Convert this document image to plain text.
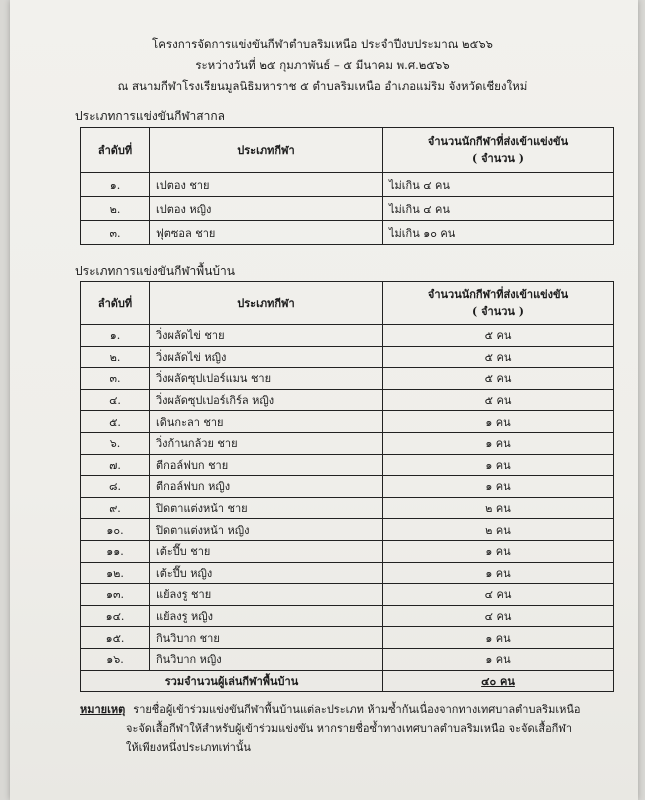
โครงการจัดการแข่งขันกีฬาตำบลริมเหนือ ประจำปีงบประมาณ ๒๕๖๖
ระหว่างวันที่ ๒๕ กุมภาพันธ์ – ๕ มีนาคม พ.ศ.๒๕๖๖
ณ สนามกีฬาโรงเรียนมูลนิธิมหาราช ๕ ตำบลริมเหนือ อำเภอแม่ริม จังหวัดเชียงใหม่
ประเภทการแข่งขันกีฬาสากล
ลำดับที่	ประเภทกีฬา	จำนวนนักกีฬาที่ส่งเข้าแข่งขัน
( จำนวน )

๑.	เปตอง ชาย	ไม่เกิน ๔ คน
๒.	เปตอง หญิง	ไม่เกิน ๔ คน
๓.	ฟุตซอล ชาย	ไม่เกิน ๑๐ คน
ประเภทการแข่งขันกีฬาพื้นบ้าน
ลำดับที่	ประเภทกีฬา	จำนวนนักกีฬาที่ส่งเข้าแข่งขัน
( จำนวน )

๑.	วิ่งผลัดไข่ ชาย	๕ คน
๒.	วิ่งผลัดไข่ หญิง	๕ คน
๓.	วิ่งผลัดซุปเปอร์แมน ชาย	๕ คน
๔.	วิ่งผลัดซุปเปอร์เกิร์ล หญิง	๕ คน
๕.	เดินกะลา ชาย	๑ คน
๖.	วิ่งก้านกล้วย ชาย	๑ คน
๗.	ตีกอล์ฟบก ชาย	๑ คน
๘.	ตีกอล์ฟบก หญิง	๑ คน
๙.	ปิดตาแต่งหน้า ชาย	๒ คน
๑๐.	ปิดตาแต่งหน้า หญิง	๒ คน
๑๑.	เต้ะปี๊บ ชาย	๑ คน
๑๒.	เต้ะปี๊บ หญิง	๑ คน
๑๓.	แย้ลงรู ชาย	๔ คน
๑๔.	แย้ลงรู หญิง	๔ คน
๑๕.	กินวิบาก ชาย	๑ คน
๑๖.	กินวิบาก หญิง	๑ คน
รวมจำนวนผู้เล่นกีฬาพื้นบ้าน		๔๐ คน
หมายเหตุ รายชื่อผู้เข้าร่วมแข่งขันกีฬาพื้นบ้านแต่ละประเภท ห้ามซ้ำกันเนื่องจากทางเทศบาลตำบลริมเหนือ
จะจัดเสื้อกีฬาให้สำหรับผู้เข้าร่วมแข่งขัน หากรายชื่อซ้ำทางเทศบาลตำบลริมเหนือ จะจัดเสื้อกีฬา
ให้เพียงหนึ่งประเภทเท่านั้น
